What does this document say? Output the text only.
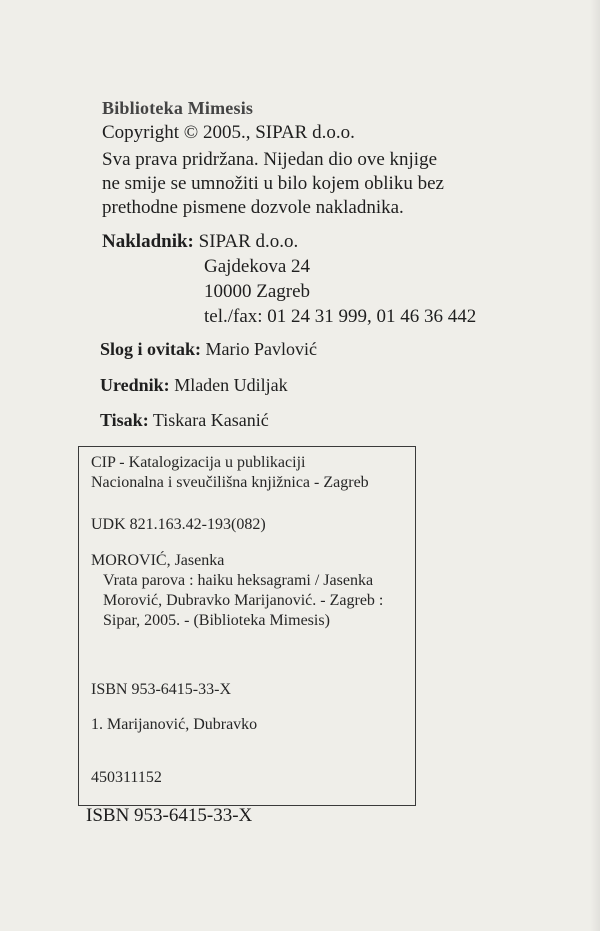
Biblioteka Mimesis
Copyright © 2005., SIPAR d.o.o.
Sva prava pridržana. Nijedan dio ove knjige
ne smije se umnožiti u bilo kojem obliku bez
prethodne pismene dozvole nakladnika.
Nakladnik: SIPAR d.o.o.
Gajdekova 24
10000 Zagreb
tel./fax: 01 24 31 999, 01 46 36 442
Slog i ovitak: Mario Pavlović
Urednik: Mladen Udiljak
Tisak: Tiskara Kasanić
CIP - Katalogizacija u publikaciji
Nacionalna i sveučilišna knjižnica - Zagreb
UDK 821.163.42-193(082)
MOROVIĆ, Jasenka
Vrata parova : haiku heksagrami / Jasenka Morović, Dubravko Marijanović. - Zagreb : Sipar, 2005. - (Biblioteka Mimesis)
ISBN 953-6415-33-X
1. Marijanović, Dubravko
450311152
ISBN 953-6415-33-X
